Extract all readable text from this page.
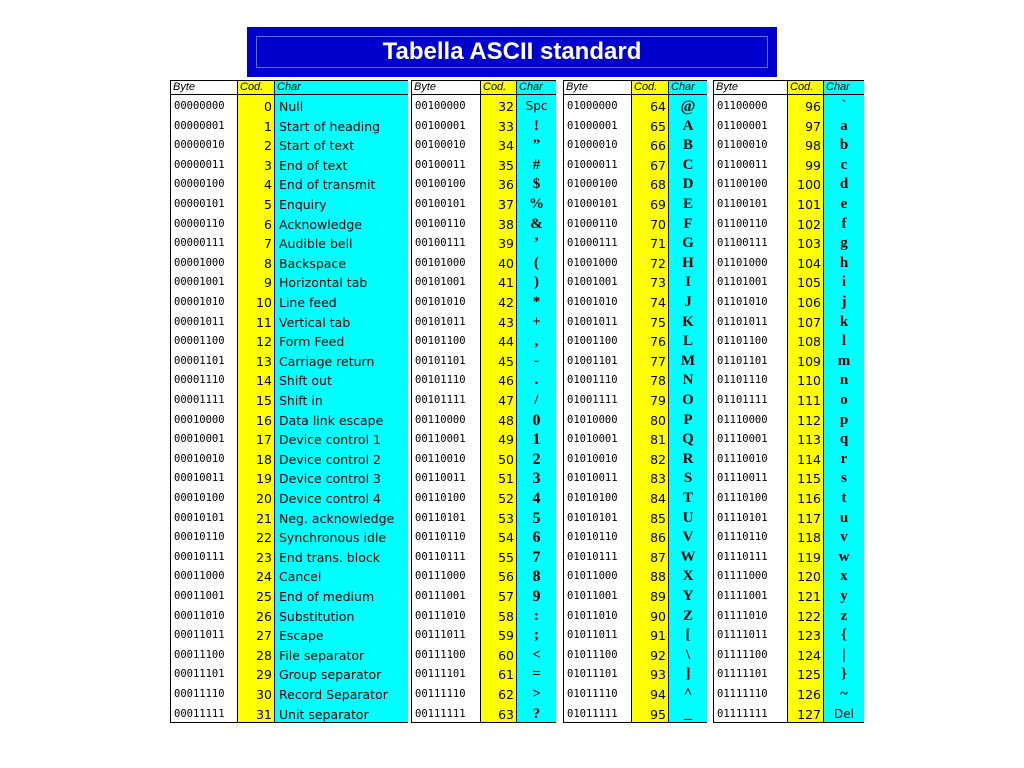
Tabella ASCII standard
Byte
00000000
00000001
00000010
00000011
00000100
00000101
00000110
00000111
00001000
00001001
00001010
00001011
00001100
00001101
00001110
00001111
00010000
00010001
00010010
00010011
00010100
00010101
00010110
00010111
00011000
00011001
00011010
00011011
00011100
00011101
00011110
00011111
Cod.
0
1
2
3
4
5
6
7
8
9
10
11
12
13
14
15
16
17
18
19
20
21
22
23
24
25
26
27
28
29
30
31
Char
Null
Start of heading
Start of text
End of text
End of transmit
Enquiry
Acknowledge
Audible bell
Backspace
Horizontal tab
Line feed
Vertical tab
Form Feed
Carriage return
Shift out
Shift in
Data link escape
Device control 1
Device control 2
Device control 3
Device control 4
Neg. acknowledge
Synchronous idle
End trans. block
Cancel
End of medium
Substitution
Escape
File separator
Group separator
Record Separator
Unit separator
Byte
00100000
00100001
00100010
00100011
00100100
00100101
00100110
00100111
00101000
00101001
00101010
00101011
00101100
00101101
00101110
00101111
00110000
00110001
00110010
00110011
00110100
00110101
00110110
00110111
00111000
00111001
00111010
00111011
00111100
00111101
00111110
00111111
Cod.
32
33
34
35
36
37
38
39
40
41
42
43
44
45
46
47
48
49
50
51
52
53
54
55
56
57
58
59
60
61
62
63
Char
Spc
!
”
#
$
%
&
’
(
)
*
+
,
-
.
/
0
1
2
3
4
5
6
7
8
9
:
;
<
=
>
?
Byte
01000000
01000001
01000010
01000011
01000100
01000101
01000110
01000111
01001000
01001001
01001010
01001011
01001100
01001101
01001110
01001111
01010000
01010001
01010010
01010011
01010100
01010101
01010110
01010111
01011000
01011001
01011010
01011011
01011100
01011101
01011110
01011111
Cod.
64
65
66
67
68
69
70
71
72
73
74
75
76
77
78
79
80
81
82
83
84
85
86
87
88
89
90
91
92
93
94
95
Char
@
A
B
C
D
E
F
G
H
I
J
K
L
M
N
O
P
Q
R
S
T
U
V
W
X
Y
Z
[
\
]
^
_
Byte
01100000
01100001
01100010
01100011
01100100
01100101
01100110
01100111
01101000
01101001
01101010
01101011
01101100
01101101
01101110
01101111
01110000
01110001
01110010
01110011
01110100
01110101
01110110
01110111
01111000
01111001
01111010
01111011
01111100
01111101
01111110
01111111
Cod.
96
97
98
99
100
101
102
103
104
105
106
107
108
109
110
111
112
113
114
115
116
117
118
119
120
121
122
123
124
125
126
127
Char
`
a
b
c
d
e
f
g
h
i
j
k
l
m
n
o
p
q
r
s
t
u
v
w
x
y
z
{
|
}
~
Del
